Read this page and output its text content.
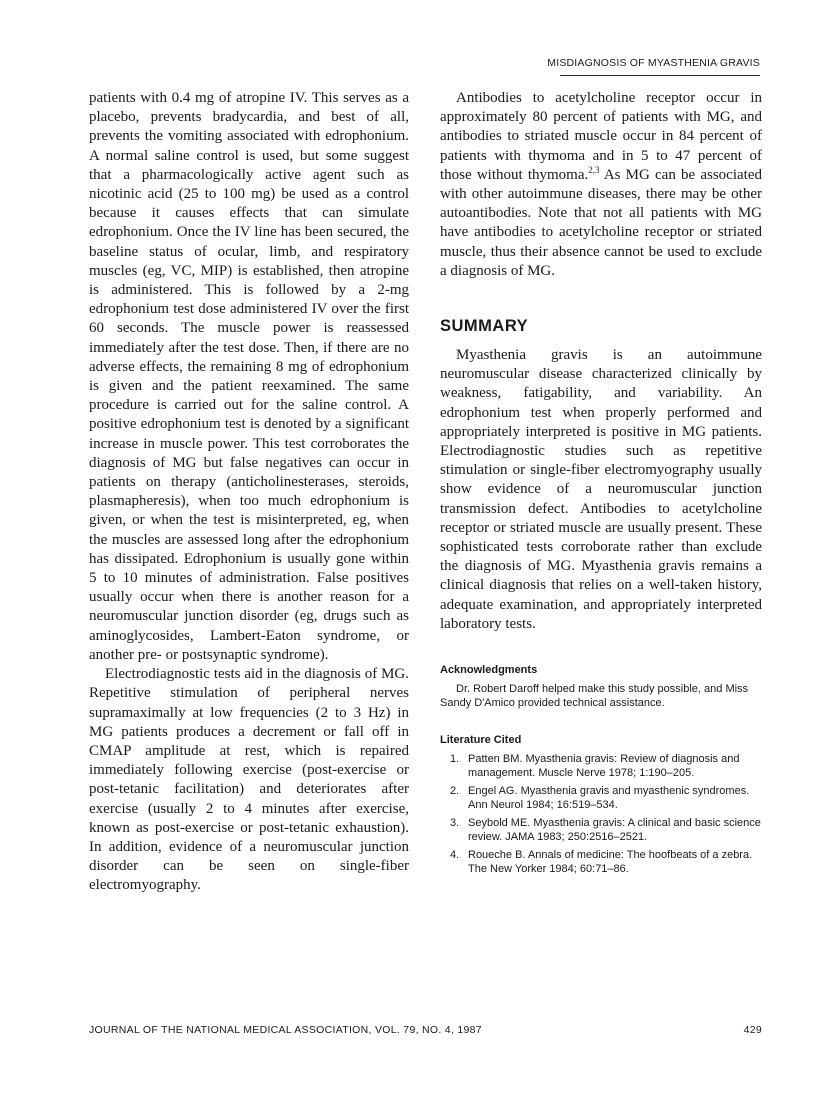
MISDIAGNOSIS OF MYASTHENIA GRAVIS

patients with 0.4 mg of atropine IV. This serves as a placebo, prevents bradycardia, and best of all, prevents the vomiting associated with edrophonium. A normal saline control is used, but some suggest that a pharmacologically active agent such as nicotinic acid (25 to 100 mg) be used as a control because it causes effects that can simulate edrophonium. Once the IV line has been secured, the baseline status of ocular, limb, and respiratory muscles (eg, VC, MIP) is established, then atropine is administered. This is followed by a 2-mg edrophonium test dose administered IV over the first 60 seconds. The muscle power is reassessed immediately after the test dose. Then, if there are no adverse effects, the remaining 8 mg of edrophonium is given and the patient reexamined. The same procedure is carried out for the saline control. A positive edrophonium test is denoted by a significant increase in muscle power. This test corroborates the diagnosis of MG but false negatives can occur in patients on therapy (anticholinesterases, steroids, plasmapheresis), when too much edrophonium is given, or when the test is misinterpreted, eg, when the muscles are assessed long after the edrophonium has dissipated. Edrophonium is usually gone within 5 to 10 minutes of administration. False positives usually occur when there is another reason for a neuromuscular junction disorder (eg, drugs such as aminoglycosides, Lambert-Eaton syndrome, or another pre- or postsynaptic syndrome).

Electrodiagnostic tests aid in the diagnosis of MG. Repetitive stimulation of peripheral nerves supramaximally at low frequencies (2 to 3 Hz) in MG patients produces a decrement or fall off in CMAP amplitude at rest, which is repaired immediately following exercise (post-exercise or post-tetanic facilitation) and deteriorates after exercise (usually 2 to 4 minutes after exercise, known as post-exercise or post-tetanic exhaustion). In addition, evidence of a neuromuscular junction disorder can be seen on single-fiber electromyography.

Antibodies to acetylcholine receptor occur in approximately 80 percent of patients with MG, and antibodies to striated muscle occur in 84 percent of patients with thymoma and in 5 to 47 percent of those without thymoma.$^{2,3}$ As MG can be associated with other autoimmune diseases, there may be other autoantibodies. Note that not all patients with MG have antibodies to acetylcholine receptor or striated muscle, thus their absence cannot be used to exclude a diagnosis of MG.

SUMMARY

Myasthenia gravis is an autoimmune neuromuscular disease characterized clinically by weakness, fatigability, and variability. An edrophonium test when properly performed and appropriately interpreted is positive in MG patients. Electrodiagnostic studies such as repetitive stimulation or single-fiber electromyography usually show evidence of a neuromuscular junction transmission defect. Antibodies to acetylcholine receptor or striated muscle are usually present. These sophisticated tests corroborate rather than exclude the diagnosis of MG. Myasthenia gravis remains a clinical diagnosis that relies on a well-taken history, adequate examination, and appropriately interpreted laboratory tests.

Acknowledgments

Dr. Robert Daroff helped make this study possible, and Miss Sandy D'Amico provided technical assistance.

Literature Cited
1. Patten BM. Myasthenia gravis: Review of diagnosis and management. Muscle Nerve 1978; 1:190–205.
2. Engel AG. Myasthenia gravis and myasthenic syndromes. Ann Neurol 1984; 16:519–534.
3. Seybold ME. Myasthenia gravis: A clinical and basic science review. JAMA 1983; 250:2516–2521.
4. Roueche B. Annals of medicine: The hoofbeats of a zebra. The New Yorker 1984; 60:71–86.
JOURNAL OF THE NATIONAL MEDICAL ASSOCIATION, VOL. 79, NO. 4, 1987	429
